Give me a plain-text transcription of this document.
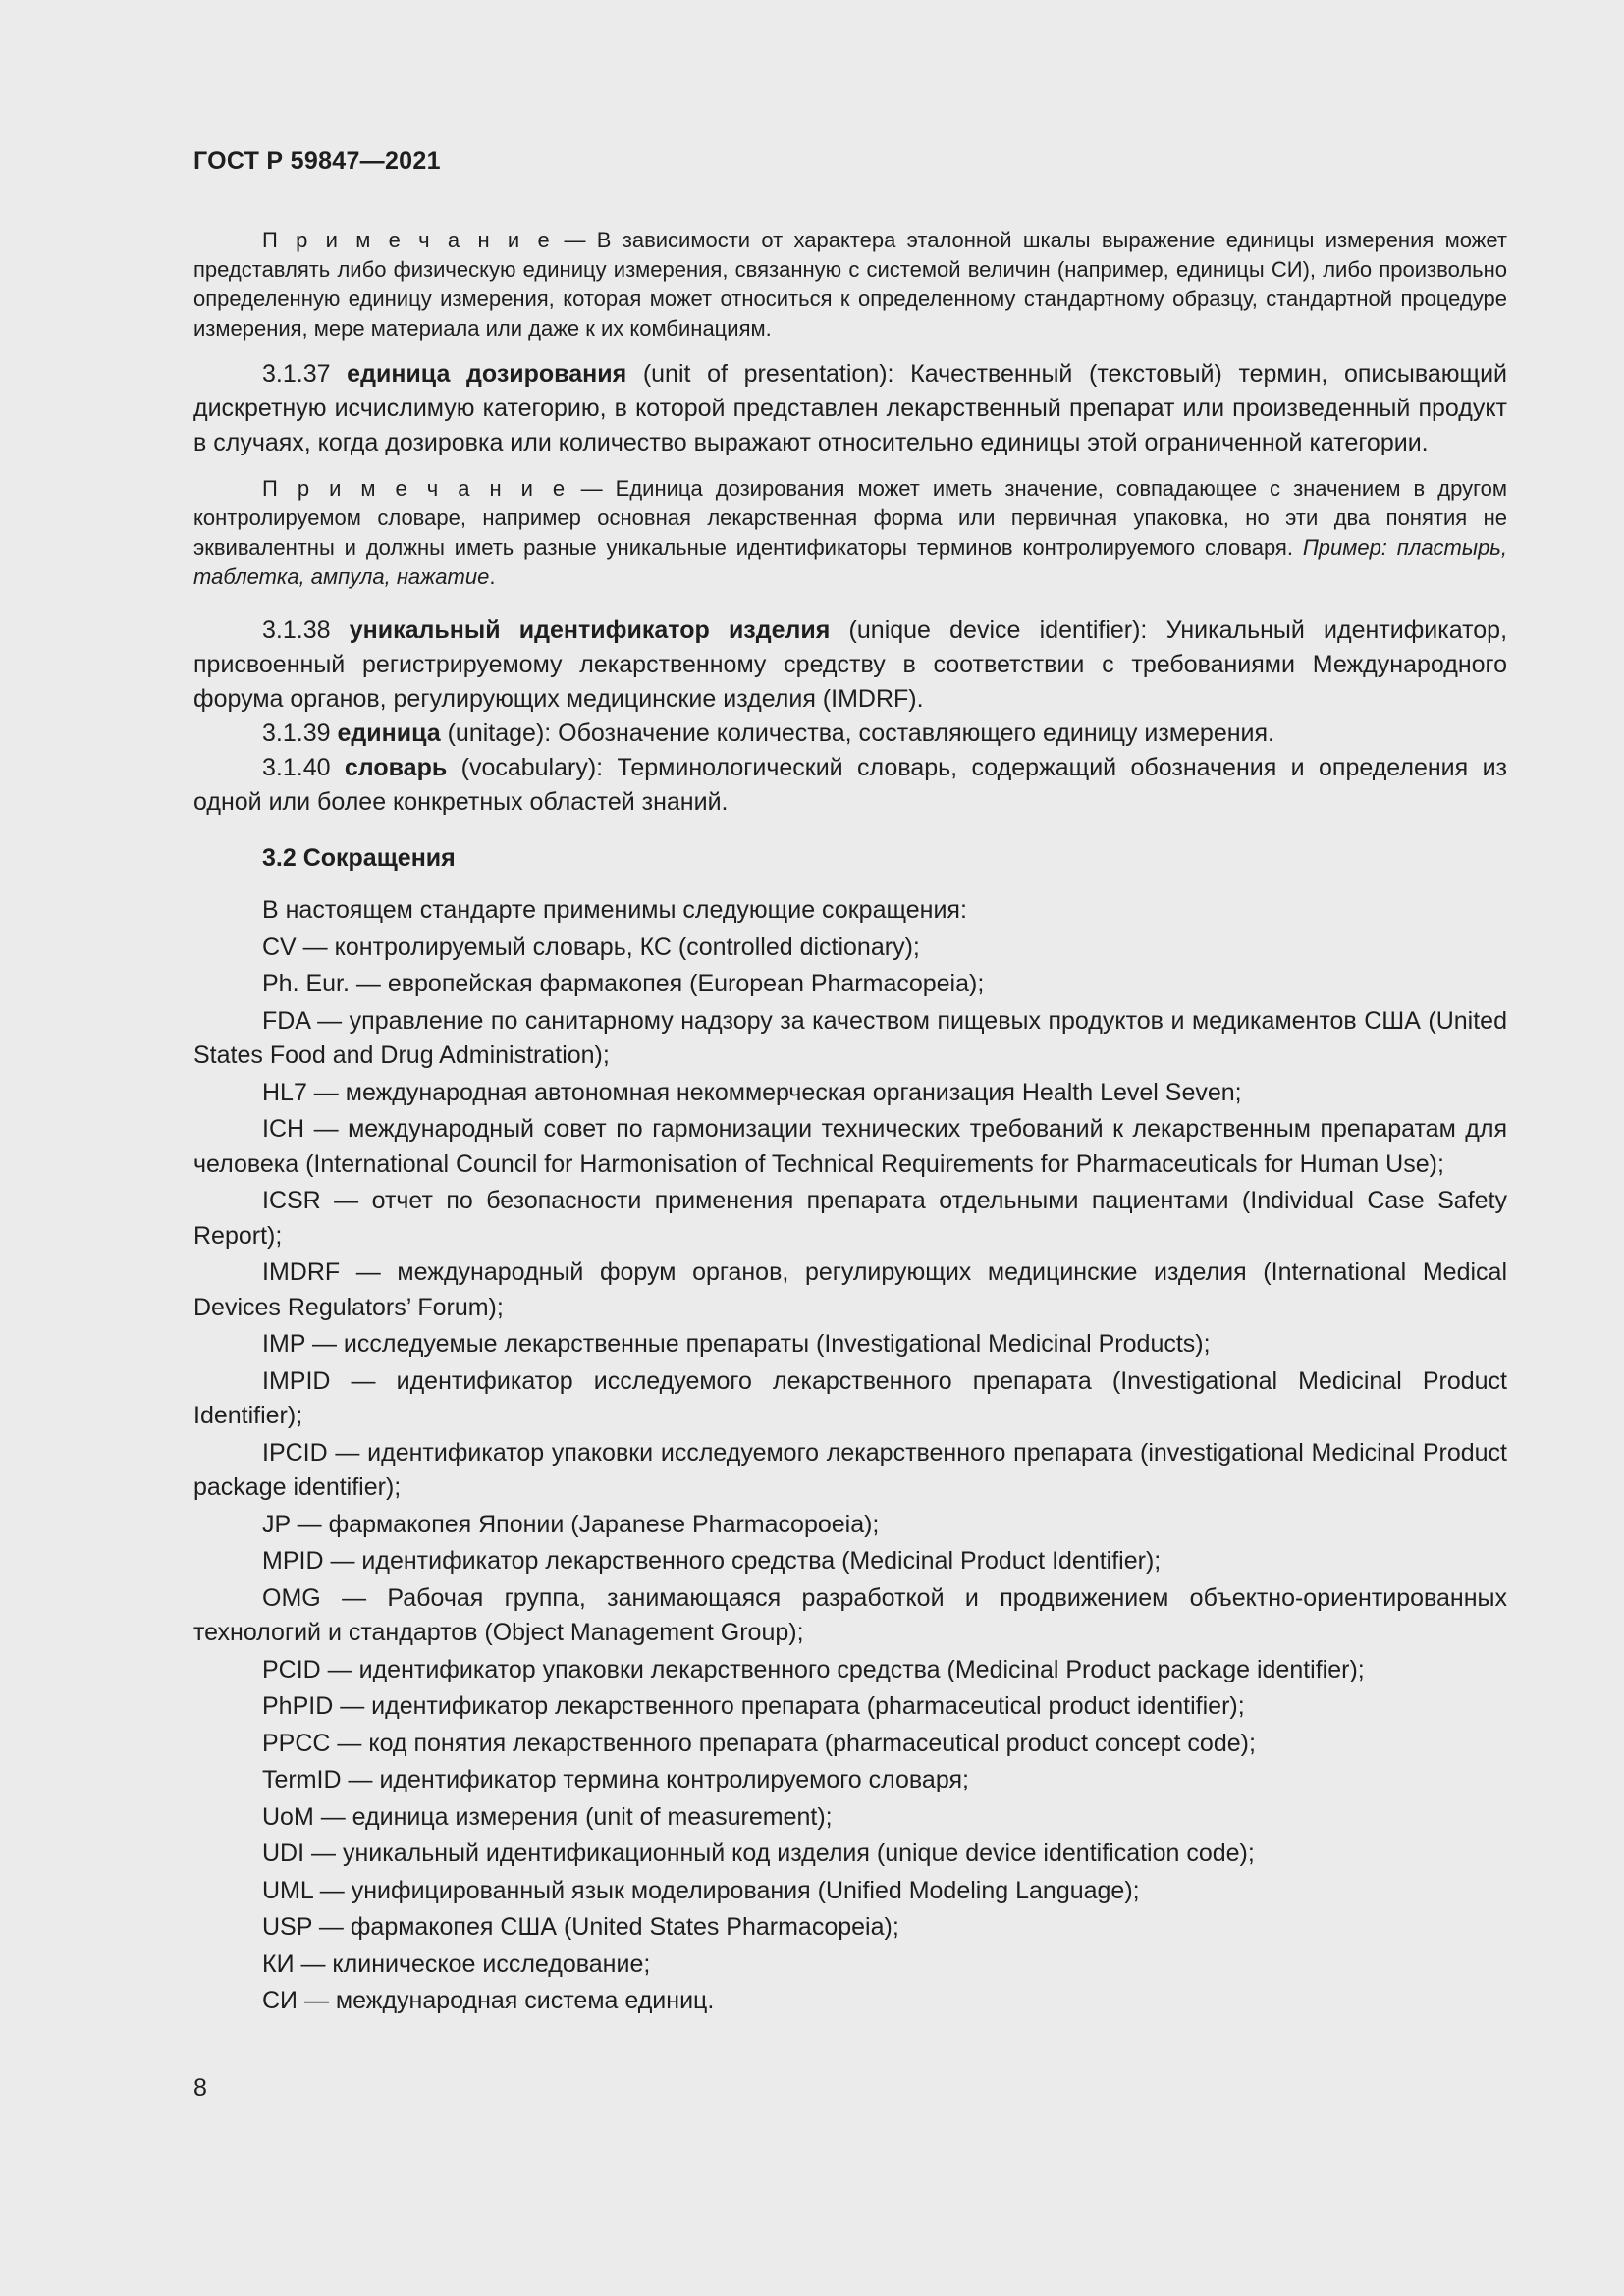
ГОСТ Р 59847—2021

П р и м е ч а н и е — В зависимости от характера эталонной шкалы выражение единицы измерения может представлять либо физическую единицу измерения, связанную с системой величин (например, единицы СИ), либо произвольно определенную единицу измерения, которая может относиться к определенному стандартному образцу, стандартной процедуре измерения, мере материала или даже к их комбинациям.

3.1.37 единица дозирования (unit of presentation): Качественный (текстовый) термин, описывающий дискретную исчислимую категорию, в которой представлен лекарственный препарат или произведенный продукт в случаях, когда дозировка или количество выражают относительно единицы этой ограниченной категории.

П р и м е ч а н и е — Единица дозирования может иметь значение, совпадающее с значением в другом контролируемом словаре, например основная лекарственная форма или первичная упаковка, но эти два понятия не эквивалентны и должны иметь разные уникальные идентификаторы терминов контролируемого словаря. Пример: пластырь, таблетка, ампула, нажатие.

3.1.38 уникальный идентификатор изделия (unique device identifier): Уникальный идентификатор, присвоенный регистрируемому лекарственному средству в соответствии с требованиями Международного форума органов, регулирующих медицинские изделия (IMDRF).

3.1.39 единица (unitage): Обозначение количества, составляющего единицу измерения.

3.1.40 словарь (vocabulary): Терминологический словарь, содержащий обозначения и определения из одной или более конкретных областей знаний.

3.2 Сокращения

В настоящем стандарте применимы следующие сокращения:

CV — контролируемый словарь, КС (controlled dictionary);

Ph. Eur. — европейская фармакопея (European Pharmacopeia);

FDA — управление по санитарному надзору за качеством пищевых продуктов и медикаментов США (United States Food and Drug Administration);

HL7 — международная автономная некоммерческая организация Health Level Seven;

ICH — международный совет по гармонизации технических требований к лекарственным препаратам для человека (International Council for Harmonisation of Technical Requirements for Pharmaceuticals for Human Use);

ICSR — отчет по безопасности применения препарата отдельными пациентами (Individual Case Safety Report);

IMDRF — международный форум органов, регулирующих медицинские изделия (International Medical Devices Regulators’ Forum);

IMP — исследуемые лекарственные препараты (Investigational Medicinal Products);

IMPID — идентификатор исследуемого лекарственного препарата (Investigational Medicinal Product Identifier);

IPCID — идентификатор упаковки исследуемого лекарственного препарата (investigational Medicinal Product package identifier);

JP — фармакопея Японии (Japanese Pharmacopoeia);

MPID — идентификатор лекарственного средства (Medicinal Product Identifier);

OMG — Рабочая группа, занимающаяся разработкой и продвижением объектно-ориентированных технологий и стандартов (Object Management Group);

PCID — идентификатор упаковки лекарственного средства (Medicinal Product package identifier);

PhPID — идентификатор лекарственного препарата (pharmaceutical product identifier);

PPCC — код понятия лекарственного препарата (pharmaceutical product concept code);

TermID — идентификатор термина контролируемого словаря;

UoM — единица измерения (unit of measurement);

UDI — уникальный идентификационный код изделия (unique device identification code);

UML — унифицированный язык моделирования (Unified Modeling Language);

USP — фармакопея США (United States Pharmacopeia);

КИ — клиническое исследование;

СИ — международная система единиц.

8
